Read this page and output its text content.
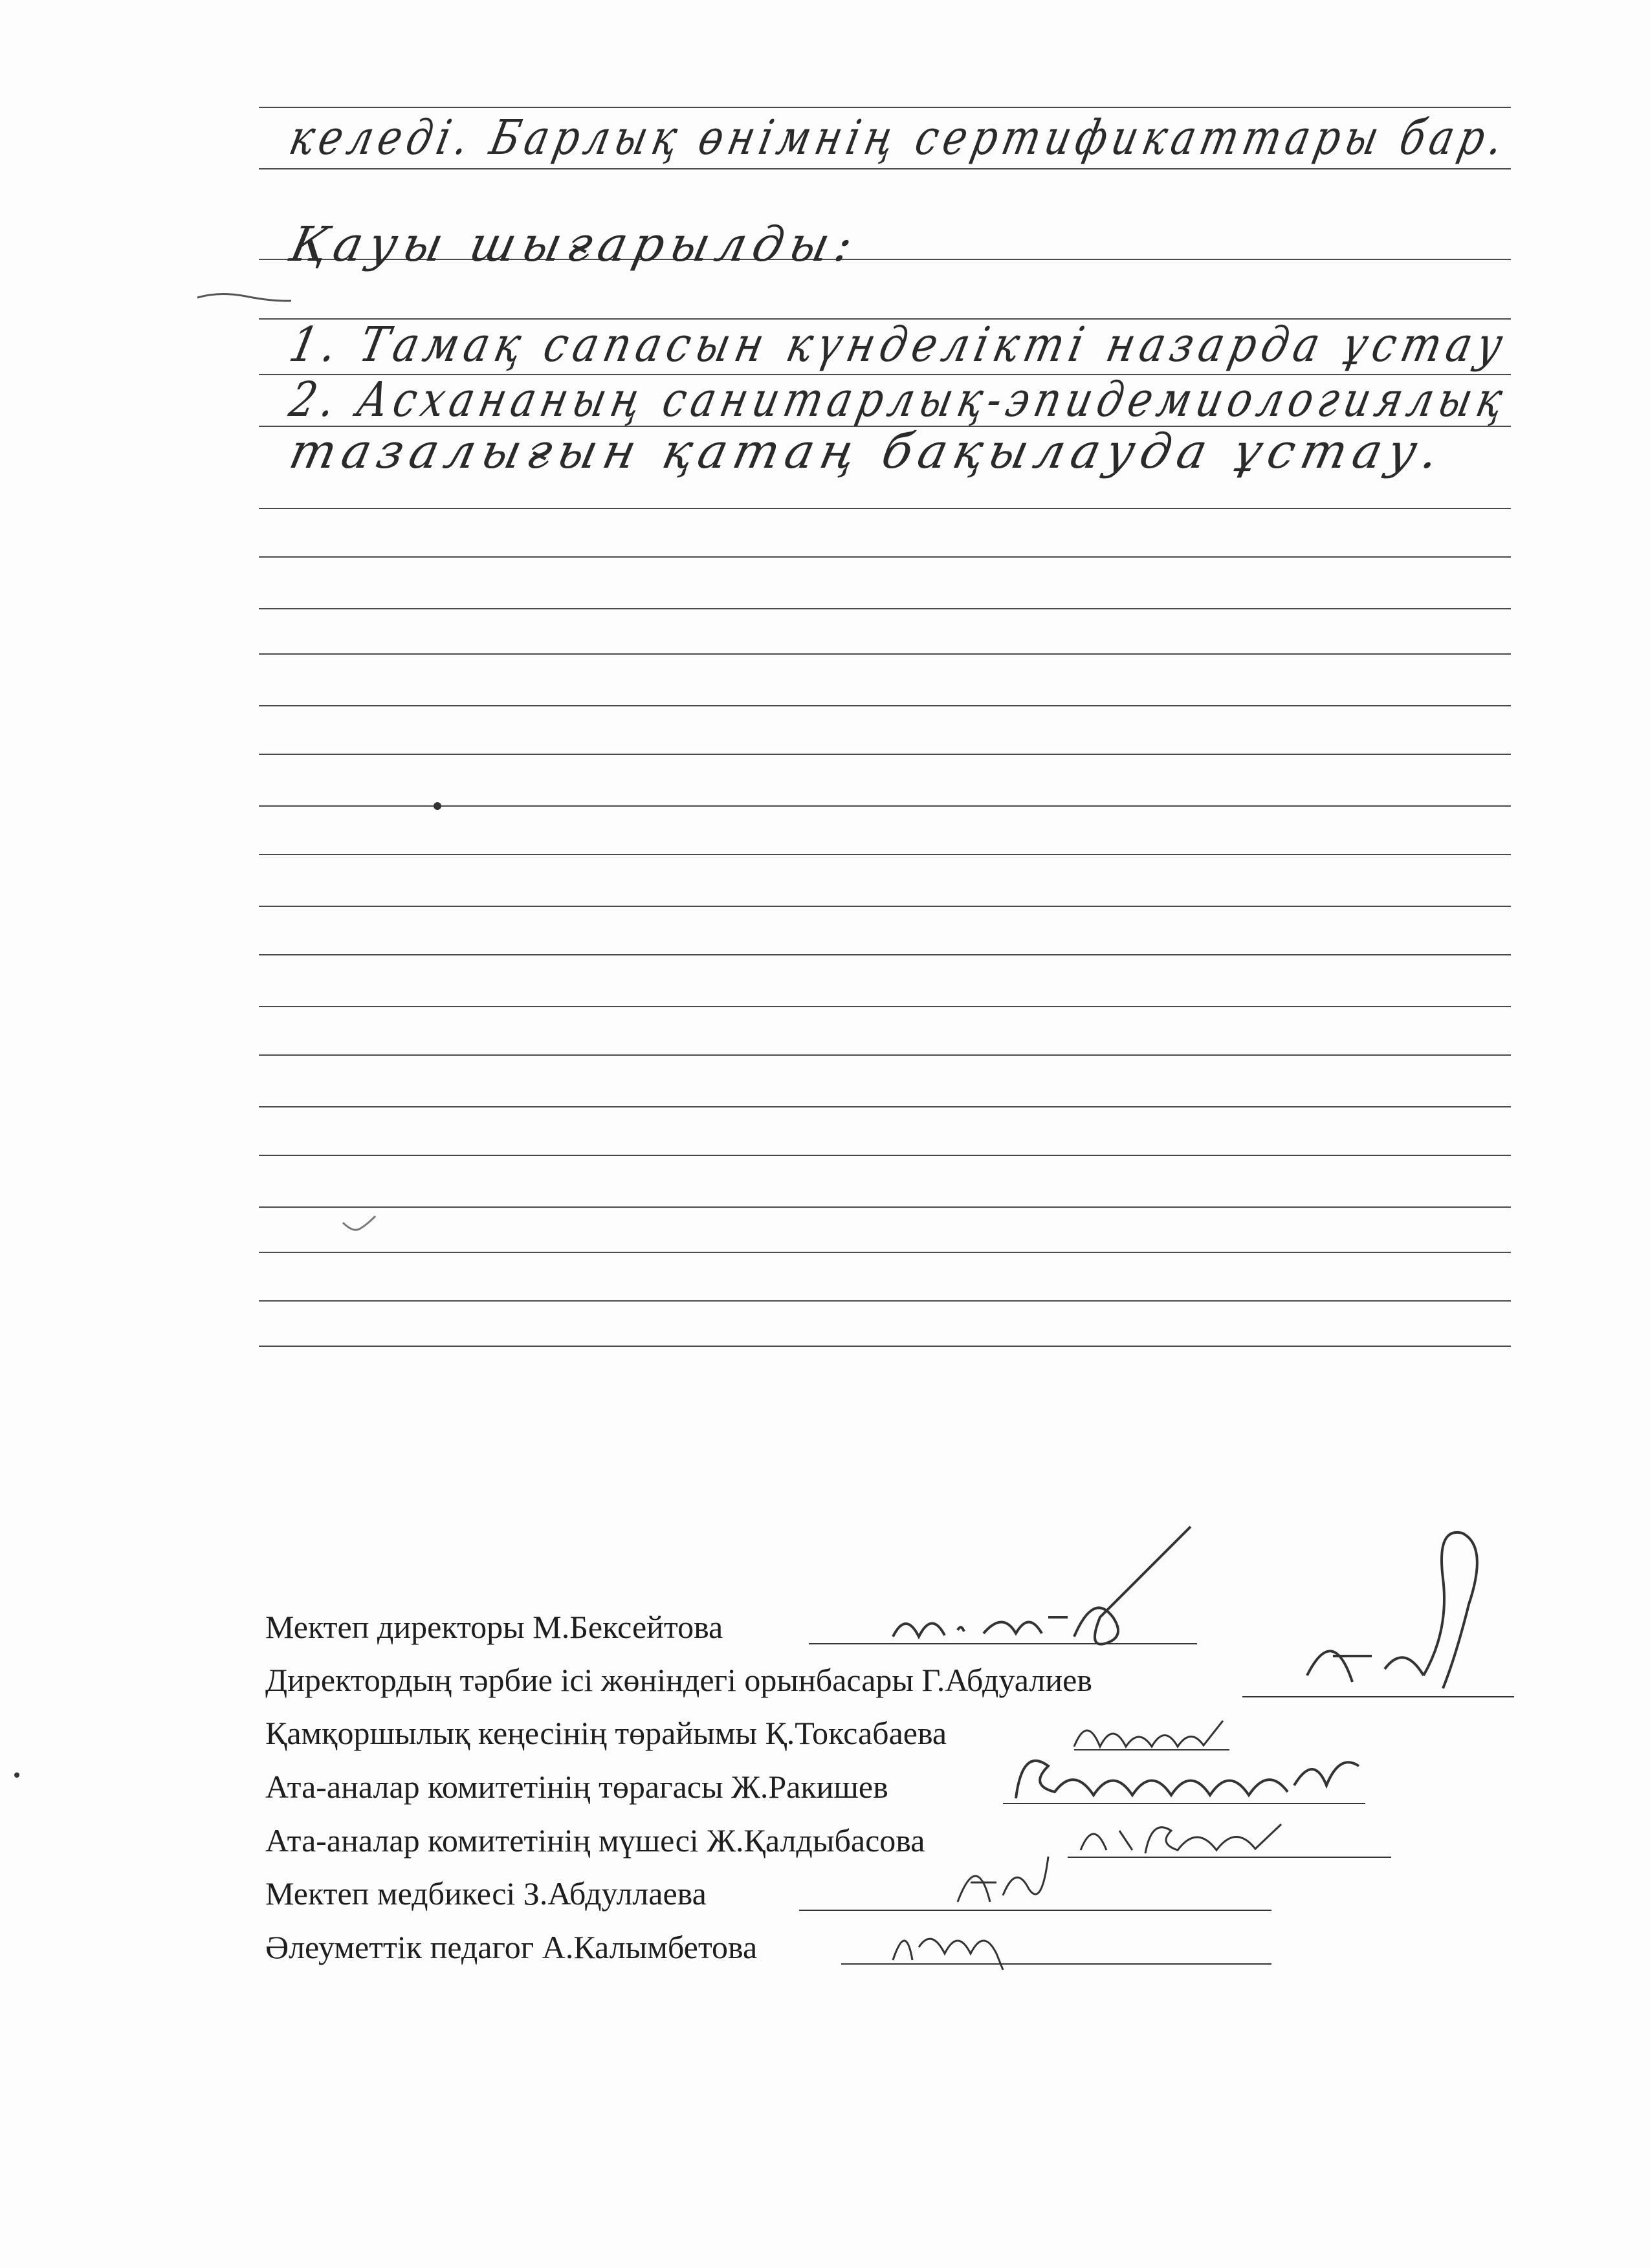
келеді. Барлық өнімнің сертификаттары бар.
Қауы шығарылды:
1. Тамақ сапасын күнделікті назарда ұстау
2. Асхананың санитарлық-эпидемиологиялық
тазалығын қатаң бақылауда ұстау.
Мектеп директоры М.Бексейтова
Директордың тәрбие ісі жөніндегі орынбасары Г.Абдуалиев
Қамқоршылық кеңесінің төрайымы Қ.Токсабаева
Ата-аналар комитетінің төрагасы Ж.Ракишев
Ата-аналар комитетінің мүшесі Ж.Қалдыбасова
Мектеп медбикесі З.Абдуллаева
Әлеуметтік педагог А.Калымбетова
